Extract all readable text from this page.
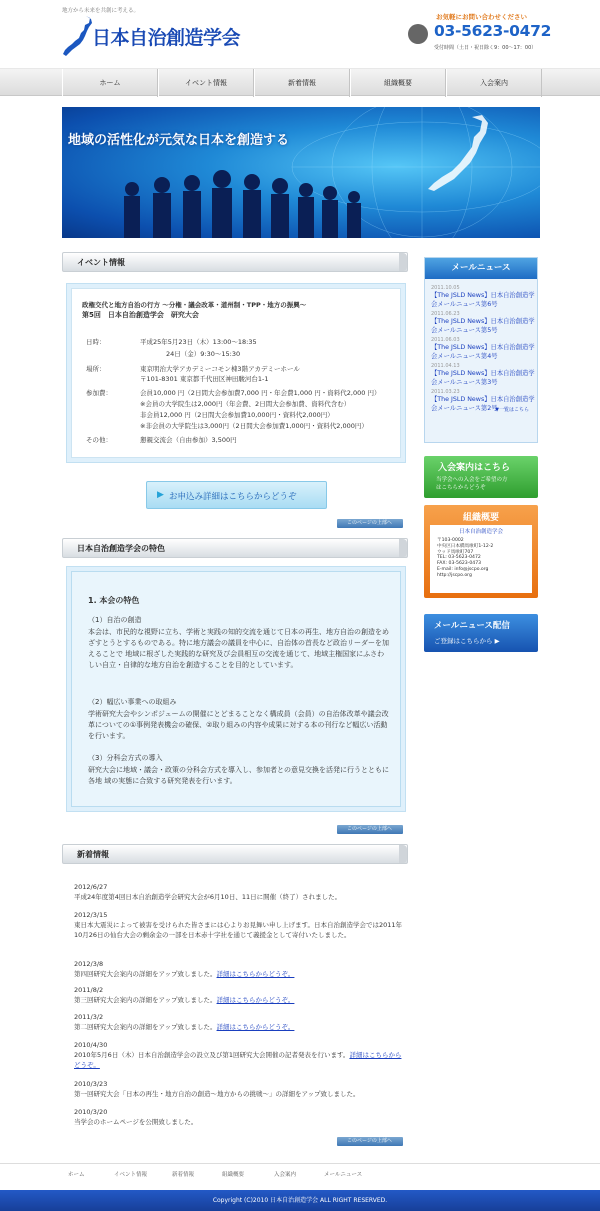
地方から未来を共創に考える。
日本自治創造学会
お気軽にお問い合わせください
03-5623-0472
受付時間（土日・祝日除く9：00～17：00）
ホーム	イベント情報	新着情報	組織概要	入会案内
地域の活性化が元気な日本を創造する
イベント情報
政権交代と地方自治の行方 ～分権・議会改革・道州制・TPP・地方の振興～
第5回　日本自治創造学会　研究大会
日時：	平成25年5月23日（木）13:00～18:35
　　　　24日（金）9:30～15:30
場所：	東京明治大学アカデミーコモン棟3階アカデミーホール
〒101-8301 東京都千代田区神田駿河台1-1
参加費：	会員10,000 円（2日間大会参加費7,000 円・年会費1,000 円・資料代2,000 円）
※会員の大学院生は2,000円（年会費、2日間大会参加費、資料代含む）
非会員12,000 円（2日間大会参加費10,000円・資料代2,000円）
※非会員の大学院生は3,000円（2日間大会参加費1,000円・資料代2,000円）
その他：	懇親交流会（自由参加）3,500円
▶ お申込み詳細はこちらからどうぞ
このページの上部へ
日本自治創造学会の特色
1. 本会の特色
（1）自治の創造
本会は、市民的な視野に立ち、学術と実践の知的交流を通じて日本の再生、地方自治の創造をめざすとうとするものである。特に地方議会の議員を中心に、自治体の首長など政治リーダーを加えることで 地域に根ざした実践的な研究及び会員相互の交流を通じて、地域主権国家にふさわしい自立・自律的な地方自治を創造することを目的としています。
（2）幅広い事業への取組み
学術研究大会やシンポジュームの開催にとどまることなく構成員（会員）の自治体改革や議会改革についての①事例発表機会の確保、②取り組みの内容や成果に対する本の刊行など幅広い活動を行います。
（3）分科会方式の導入
研究大会に地域・議会・政策の分科会方式を導入し、参加者との意見交換を活発に行うとともに各地 域の実態に合致する研究発表を行います。
このページの上部へ
新着情報
2012/6/27
平成24年度第4回日本自治創造学会研究大会が6月10日、11日に開催（終了）されました。
2012/3/15
東日本大震災によって被害を受けられた皆さまには心よりお見舞い申し上げます。日本自治創造学会では2011年10月26日の仙台大会の剰余金の一部を日本赤十字社を通じて義援金として寄付いたしました。
2012/3/8
第四回研究大会案内の詳細をアップ致しました。詳細はこちらからどうぞ。
2011/8/2
第三回研究大会案内の詳細をアップ致しました。詳細はこちらからどうぞ。
2011/3/2
第二回研究大会案内の詳細をアップ致しました。詳細はこちらからどうぞ。
2010/4/30
2010年5月6日（木）日本自治創造学会の設立及び第1回研究大会開催の記者発表を行います。詳細はこちらからどうぞ。
2010/3/23
第一回研究大会「日本の再生・地方自治の創造～地方からの挑戦～」の詳細をアップ致しました。
2010/3/20
当学会のホームページを公開致しました。
このページの上部へ
メールニュース
2011.10.05
【The JSLD News】日本自治創造学会メールニュース第6号
2011.06.23
【The JSLD News】日本自治創造学会メールニュース第5号
2011.06.03
【The JSLD News】日本自治創造学会メールニュース第4号
2011.04.13
【The JSLD News】日本自治創造学会メールニュース第3号
2011.03.23
【The JSLD News】日本自治創造学会メールニュース第2号
▼一覧はこちら
入会案内はこちら
当学会への入会をご希望の方
はこちらからどうぞ
組織概要
日本自治創造学会
〒103-0002
中央区日本橋馬喰町1-12-2
ウッド馬喰町707
TEL: 03-5623-0472
FAX: 03-5623-0473
E-mail: info@jscpo.org
http://jscpo.org
メールニュース配信
ご登録はこちらから ▶
ホーム	イベント情報	新着情報	組織概要	入会案内	メールニュース
Copyright (C)2010 日本自治創造学会 ALL RIGHT RESERVED.
